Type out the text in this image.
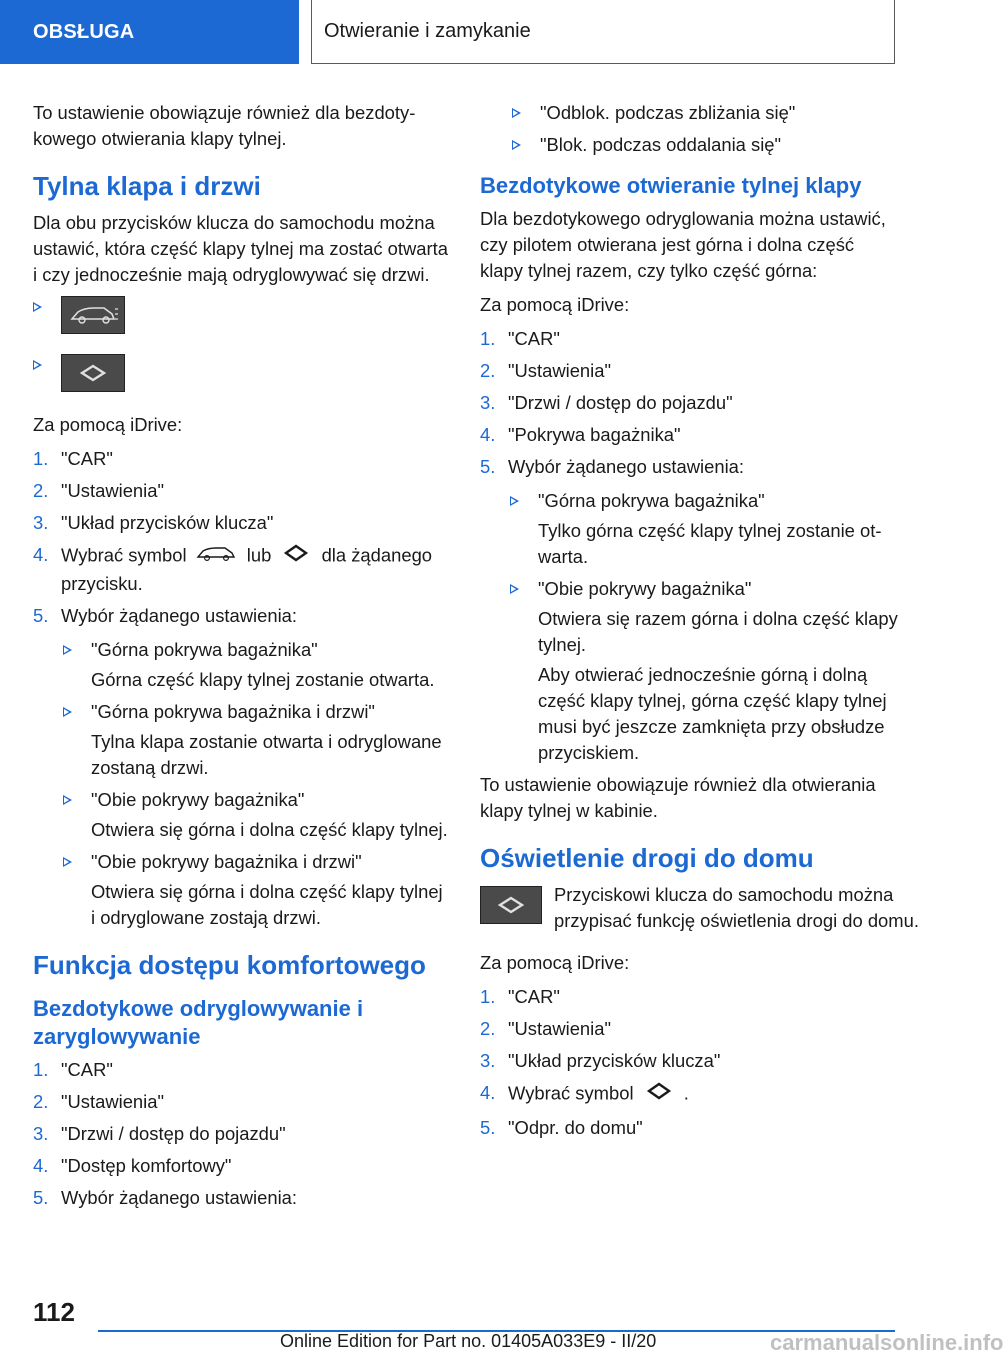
OBSŁUGA	Otwieranie i zamykanie

To ustawienie obowiązuje również dla bezdotykowego otwierania klapy tylnej.

Tylna klapa i drzwi

Dla obu przycisków klucza do samochodu można ustawić, która część klapy tylnej ma zostać otwarta i czy jednocześnie mają odryglowywać się drzwi.

Za pomocą iDrive:

1. "CAR"
2. "Ustawienia"
3. "Układ przycisków klucza"
4. Wybrać symbol	lub	dla żądanego przycisku.
5. Wybór żądanego ustawienia:
"Górna pokrywa bagażnika"

Górna część klapy tylnej zostanie otwarta.

"Górna pokrywa bagażnika i drzwi"

Tylna klapa zostanie otwarta i odryglowane zostaną drzwi.

"Obie pokrywy bagażnika"

Otwiera się górna i dolna część klapy tylnej.

"Obie pokrywy bagażnika i drzwi"

Otwiera się górna i dolna część klapy tylnej i odryglowane zostają drzwi.

Funkcja dostępu komfortowego
Bezdotykowe odryglowywanie i zaryglowywanie
1. "CAR"
2. "Ustawienia"
3. "Drzwi / dostęp do pojazdu"
4. "Dostęp komfortowy"
5. Wybór żądanego ustawienia:
"Odblok. podczas zbliżania się"
"Blok. podczas oddalania się"
Bezdotykowe otwieranie tylnej klapy

Dla bezdotykowego odryglowania można ustawić, czy pilotem otwierana jest górna i dolna część klapy tylnej razem, czy tylko część górna:

Za pomocą iDrive:

1. "CAR"
2. "Ustawienia"
3. "Drzwi / dostęp do pojazdu"
4. "Pokrywa bagażnika"
5. Wybór żądanego ustawienia:
"Górna pokrywa bagażnika"

Tylko górna część klapy tylnej zostanie otwarta.

"Obie pokrywy bagażnika"

Otwiera się razem górna i dolna część klapy tylnej.

Aby otwierać jednocześnie górną i dolną część klapy tylnej, górna część klapy tylnej musi być jeszcze zamknięta przy obsłudze przyciskiem.

To ustawienie obowiązuje również dla otwierania klapy tylnej w kabinie.

Oświetlenie drogi do domu

Przyciskowi klucza do samochodu można przypisać funkcję oświetlenia drogi do domu.

Za pomocą iDrive:

1. "CAR"
2. "Ustawienia"
3. "Układ przycisków klucza"
4. Wybrać symbol	.
5. "Odpr. do domu"
112
Online Edition for Part no. 01405A033E9 - II/20	carmanualsonline.info
